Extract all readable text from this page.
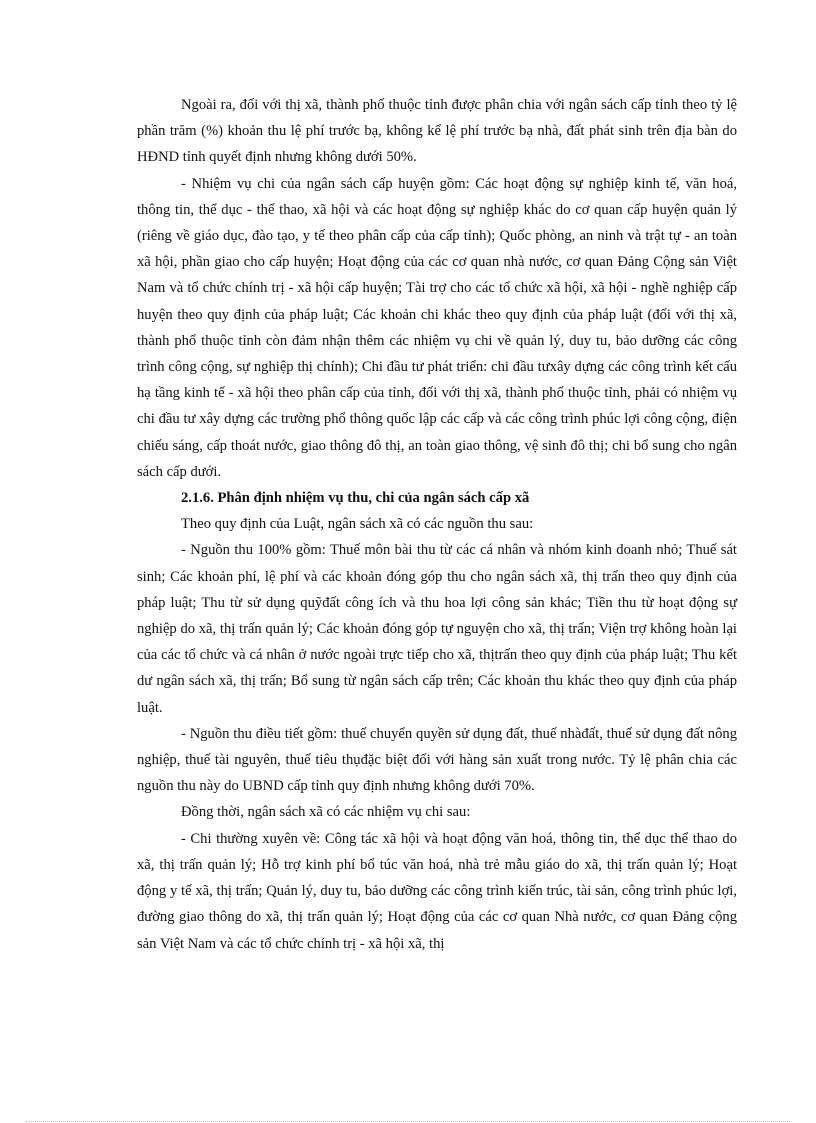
Ngoài ra, đối với thị xã, thành phố thuộc tỉnh được phân chia với ngân sách cấp tỉnh theo tỷ lệ phần trăm (%) khoản thu lệ phí trước bạ, không kể lệ phí trước bạ nhà, đất phát sinh trên địa bàn do HĐND tỉnh quyết định nhưng không dưới 50%.

- Nhiệm vụ chi của ngân sách cấp huyện gồm: Các hoạt động sự nghiệp kinh tế, văn hoá, thông tin, thể dục - thể thao, xã hội và các hoạt động sự nghiệp khác do cơ quan cấp huyện quản lý (riêng về giáo dục, đào tạo, y tế theo phân cấp của cấp tỉnh); Quốc phòng, an ninh và trật tự - an toàn xã hội, phần giao cho cấp huyện; Hoạt động của các cơ quan nhà nước, cơ quan Đảng Cộng sản Việt Nam và tổ chức chính trị - xã hội cấp huyện; Tài trợ cho các tổ chức xã hội, xã hội - nghề nghiệp cấp huyện theo quy định của pháp luật; Các khoản chi khác theo quy định của pháp luật (đối với thị xã, thành phố thuộc tỉnh còn đảm nhận thêm các nhiệm vụ chi về quản lý, duy tu, bảo dưỡng các công trình công cộng, sự nghiệp thị chính); Chi đầu tư phát triển: chi đầu tưxây dựng các công trình kết cấu hạ tầng kinh tế - xã hội theo phân cấp của tỉnh, đối với thị xã, thành phố thuộc tỉnh, phải có nhiệm vụ chi đầu tư xây dựng các trường phổ thông quốc lập các cấp và các công trình phúc lợi công cộng, điện chiếu sáng, cấp thoát nước, giao thông đô thị, an toàn giao thông, vệ sinh đô thị; chi bổ sung cho ngân sách cấp dưới.

2.1.6. Phân định nhiệm vụ thu, chi của ngân sách cấp xã

Theo quy định của Luật, ngân sách xã có các nguồn thu sau:

- Nguồn thu 100% gồm: Thuế môn bài thu từ các cá nhân và nhóm kinh doanh nhỏ; Thuế sát sinh; Các khoản phí, lệ phí và các khoản đóng góp thu cho ngân sách xã, thị trấn theo quy định của pháp luật; Thu từ sử dụng quỹđất công ích và thu hoa lợi công sản khác; Tiền thu từ hoạt động sự nghiệp do xã, thị trấn quản lý; Các khoản đóng góp tự nguyện cho xã, thị trấn; Viện trợ không hoàn lại của các tổ chức và cá nhân ở nước ngoài trực tiếp cho xã, thịtrấn theo quy định của pháp luật; Thu kết dư ngân sách xã, thị trấn; Bổ sung từ ngân sách cấp trên; Các khoản thu khác theo quy định của pháp luật.

- Nguồn thu điều tiết gồm: thuế chuyển quyền sử dụng đất, thuế nhàđất, thuế sử dụng đất nông nghiệp, thuế tài nguyên, thuế tiêu thụđặc biệt đối với hàng sản xuất trong nước. Tỷ lệ phân chia các nguồn thu này do UBND cấp tỉnh quy định nhưng không dưới 70%.

Đồng thời, ngân sách xã có các nhiệm vụ chi sau:

- Chi thường xuyên về: Công tác xã hội và hoạt động văn hoá, thông tin, thể dục thể thao do xã, thị trấn quản lý; Hỗ trợ kinh phí bổ túc văn hoá, nhà trẻ mẫu giáo do xã, thị trấn quản lý; Hoạt động y tế xã, thị trấn; Quản lý, duy tu, bảo dưỡng các công trình kiến trúc, tài sản, công trình phúc lợi, đường giao thông do xã, thị trấn quản lý; Hoạt động của các cơ quan Nhà nước, cơ quan Đảng cộng sản Việt Nam và các tổ chức chính trị - xã hội xã, thị
